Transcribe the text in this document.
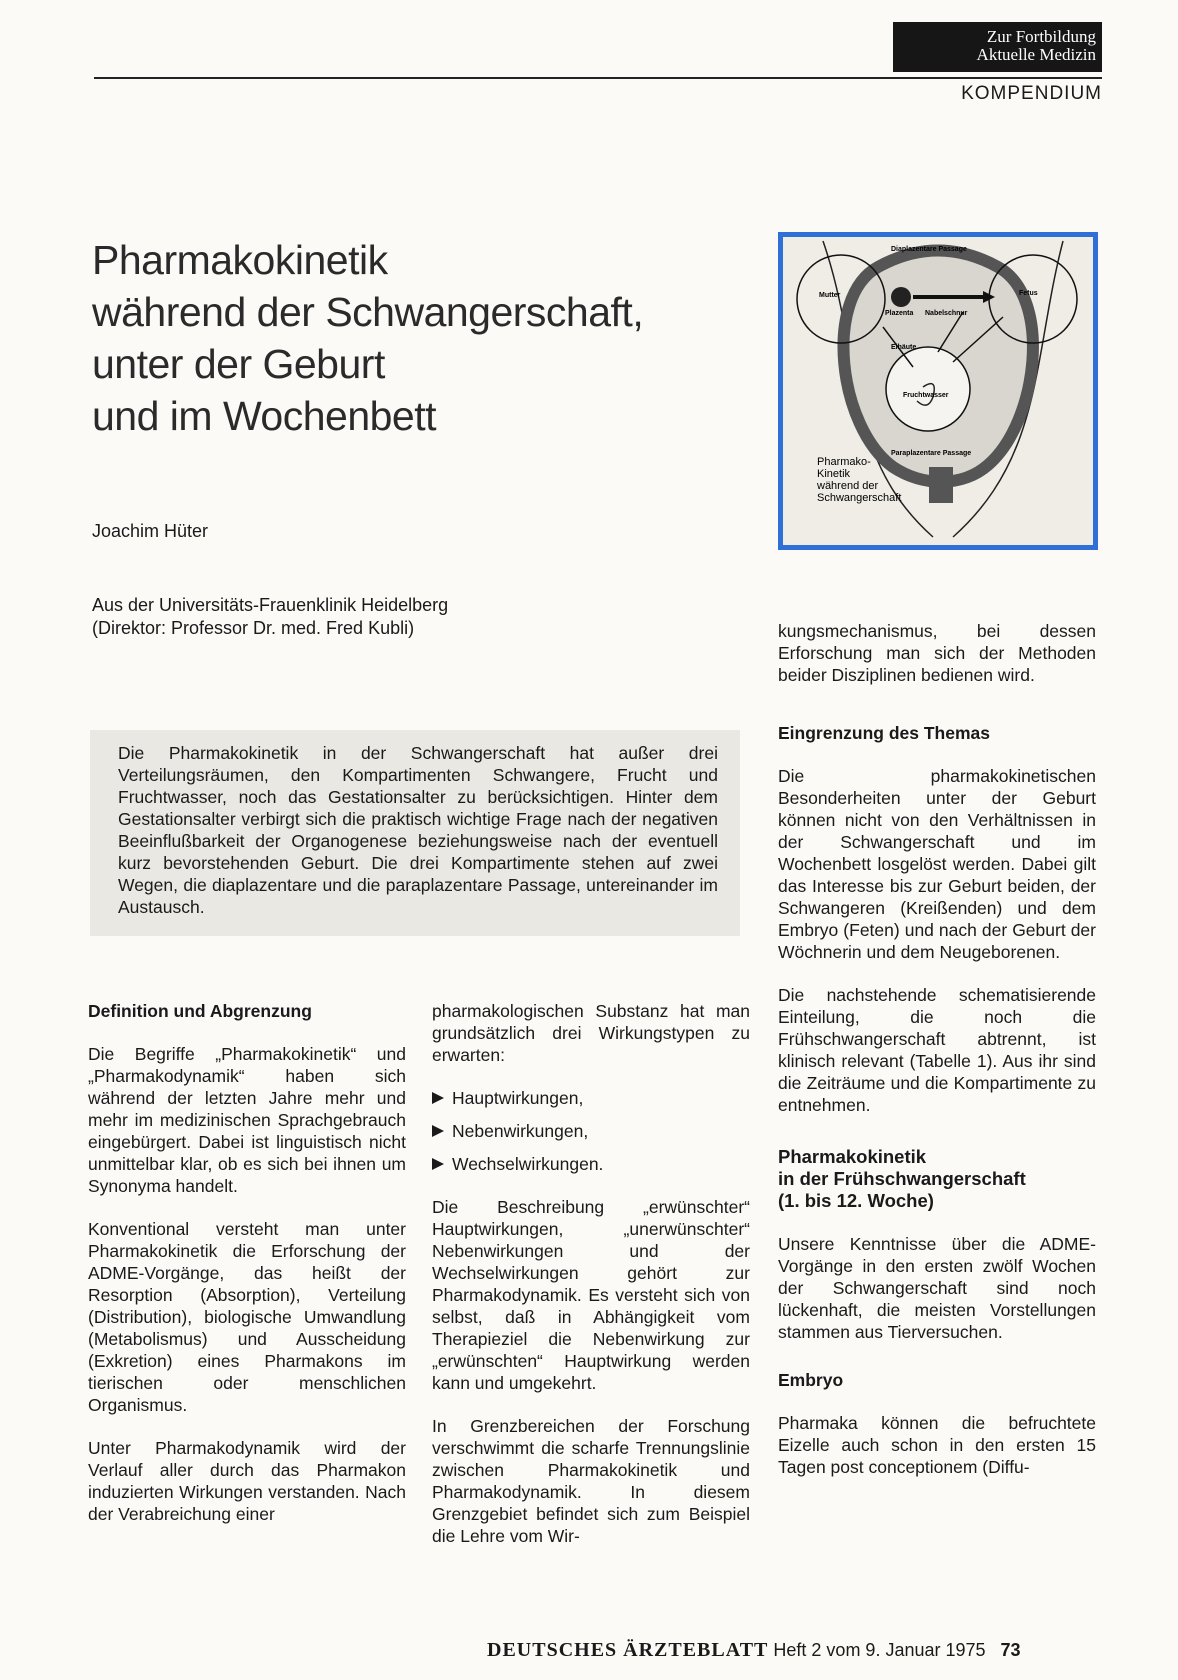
Zur Fortbildung
Aktuelle Medizin
KOMPENDIUM
Pharmakokinetik
während der Schwangerschaft,
unter der Geburt
und im Wochenbett
Joachim Hüter
Aus der Universitäts-Frauenklinik Heidelberg
(Direktor: Professor Dr. med. Fred Kubli)
Diaplazentare Passage
Mutter	Fetus
Plazenta Nabelschnur
Eihäute
Fruchtwasser
Paraplazentare Passage
Pharmako-
Kinetik
während der
Schwangerschaft
Die Pharmakokinetik in der Schwangerschaft hat außer drei Verteilungsräumen, den Kompartimenten Schwangere, Frucht und Fruchtwasser, noch das Gestationsalter zu berücksichtigen. Hinter dem Gestationsalter verbirgt sich die praktisch wichtige Frage nach der negativen Beeinflußbarkeit der Organogenese beziehungsweise nach der eventuell kurz bevorstehenden Geburt. Die drei Kompartimente stehen auf zwei Wegen, die diaplazentare und die paraplazentare Passage, untereinander im Austausch.
Definition und Abgrenzung

Die Begriffe „Pharmakokinetik“ und „Pharmakodynamik“ haben sich während der letzten Jahre mehr und mehr im medizinischen Sprachgebrauch eingebürgert. Dabei ist linguistisch nicht unmittelbar klar, ob es sich bei ihnen um Synonyma handelt.

Konventional versteht man unter Pharmakokinetik die Erforschung der ADME-Vorgänge, das heißt der Resorption (Absorption), Verteilung (Distribution), biologische Umwandlung (Metabolismus) und Ausscheidung (Exkretion) eines Pharmakons im tierischen oder menschlichen Organismus.

Unter Pharmakodynamik wird der Verlauf aller durch das Pharmakon induzierten Wirkungen verstanden. Nach der Verabreichung einer

pharmakologischen Substanz hat man grundsätzlich drei Wirkungstypen zu erwarten:

Hauptwirkungen,
Nebenwirkungen,
Wechselwirkungen.

Die Beschreibung „erwünschter“ Hauptwirkungen, „unerwünschter“ Nebenwirkungen und der Wechselwirkungen gehört zur Pharmakodynamik. Es versteht sich von selbst, daß in Abhängigkeit vom Therapieziel die Nebenwirkung zur „erwünschten“ Hauptwirkung werden kann und umgekehrt.

In Grenzbereichen der Forschung verschwimmt die scharfe Trennungslinie zwischen Pharmakokinetik und Pharmakodynamik. In diesem Grenzgebiet befindet sich zum Beispiel die Lehre vom Wir-

kungsmechanismus, bei dessen Erforschung man sich der Methoden beider Disziplinen bedienen wird.

Eingrenzung des Themas

Die pharmakokinetischen Besonderheiten unter der Geburt können nicht von den Verhältnissen in der Schwangerschaft und im Wochenbett losgelöst werden. Dabei gilt das Interesse bis zur Geburt beiden, der Schwangeren (Kreißenden) und dem Embryo (Feten) und nach der Geburt der Wöchnerin und dem Neugeborenen.

Die nachstehende schematisierende Einteilung, die noch die Frühschwangerschaft abtrennt, ist klinisch relevant (Tabelle 1). Aus ihr sind die Zeiträume und die Kompartimente zu entnehmen.

Pharmakokinetik
in der Frühschwangerschaft
(1. bis 12. Woche)

Unsere Kenntnisse über die ADME-Vorgänge in den ersten zwölf Wochen der Schwangerschaft sind noch lückenhaft, die meisten Vorstellungen stammen aus Tierversuchen.

Embryo

Pharmaka können die befruchtete Eizelle auch schon in den ersten 15 Tagen post conceptionem (Diffu-

DEUTSCHES ÄRZTEBLATT Heft 2 vom 9. Januar 1975 73
